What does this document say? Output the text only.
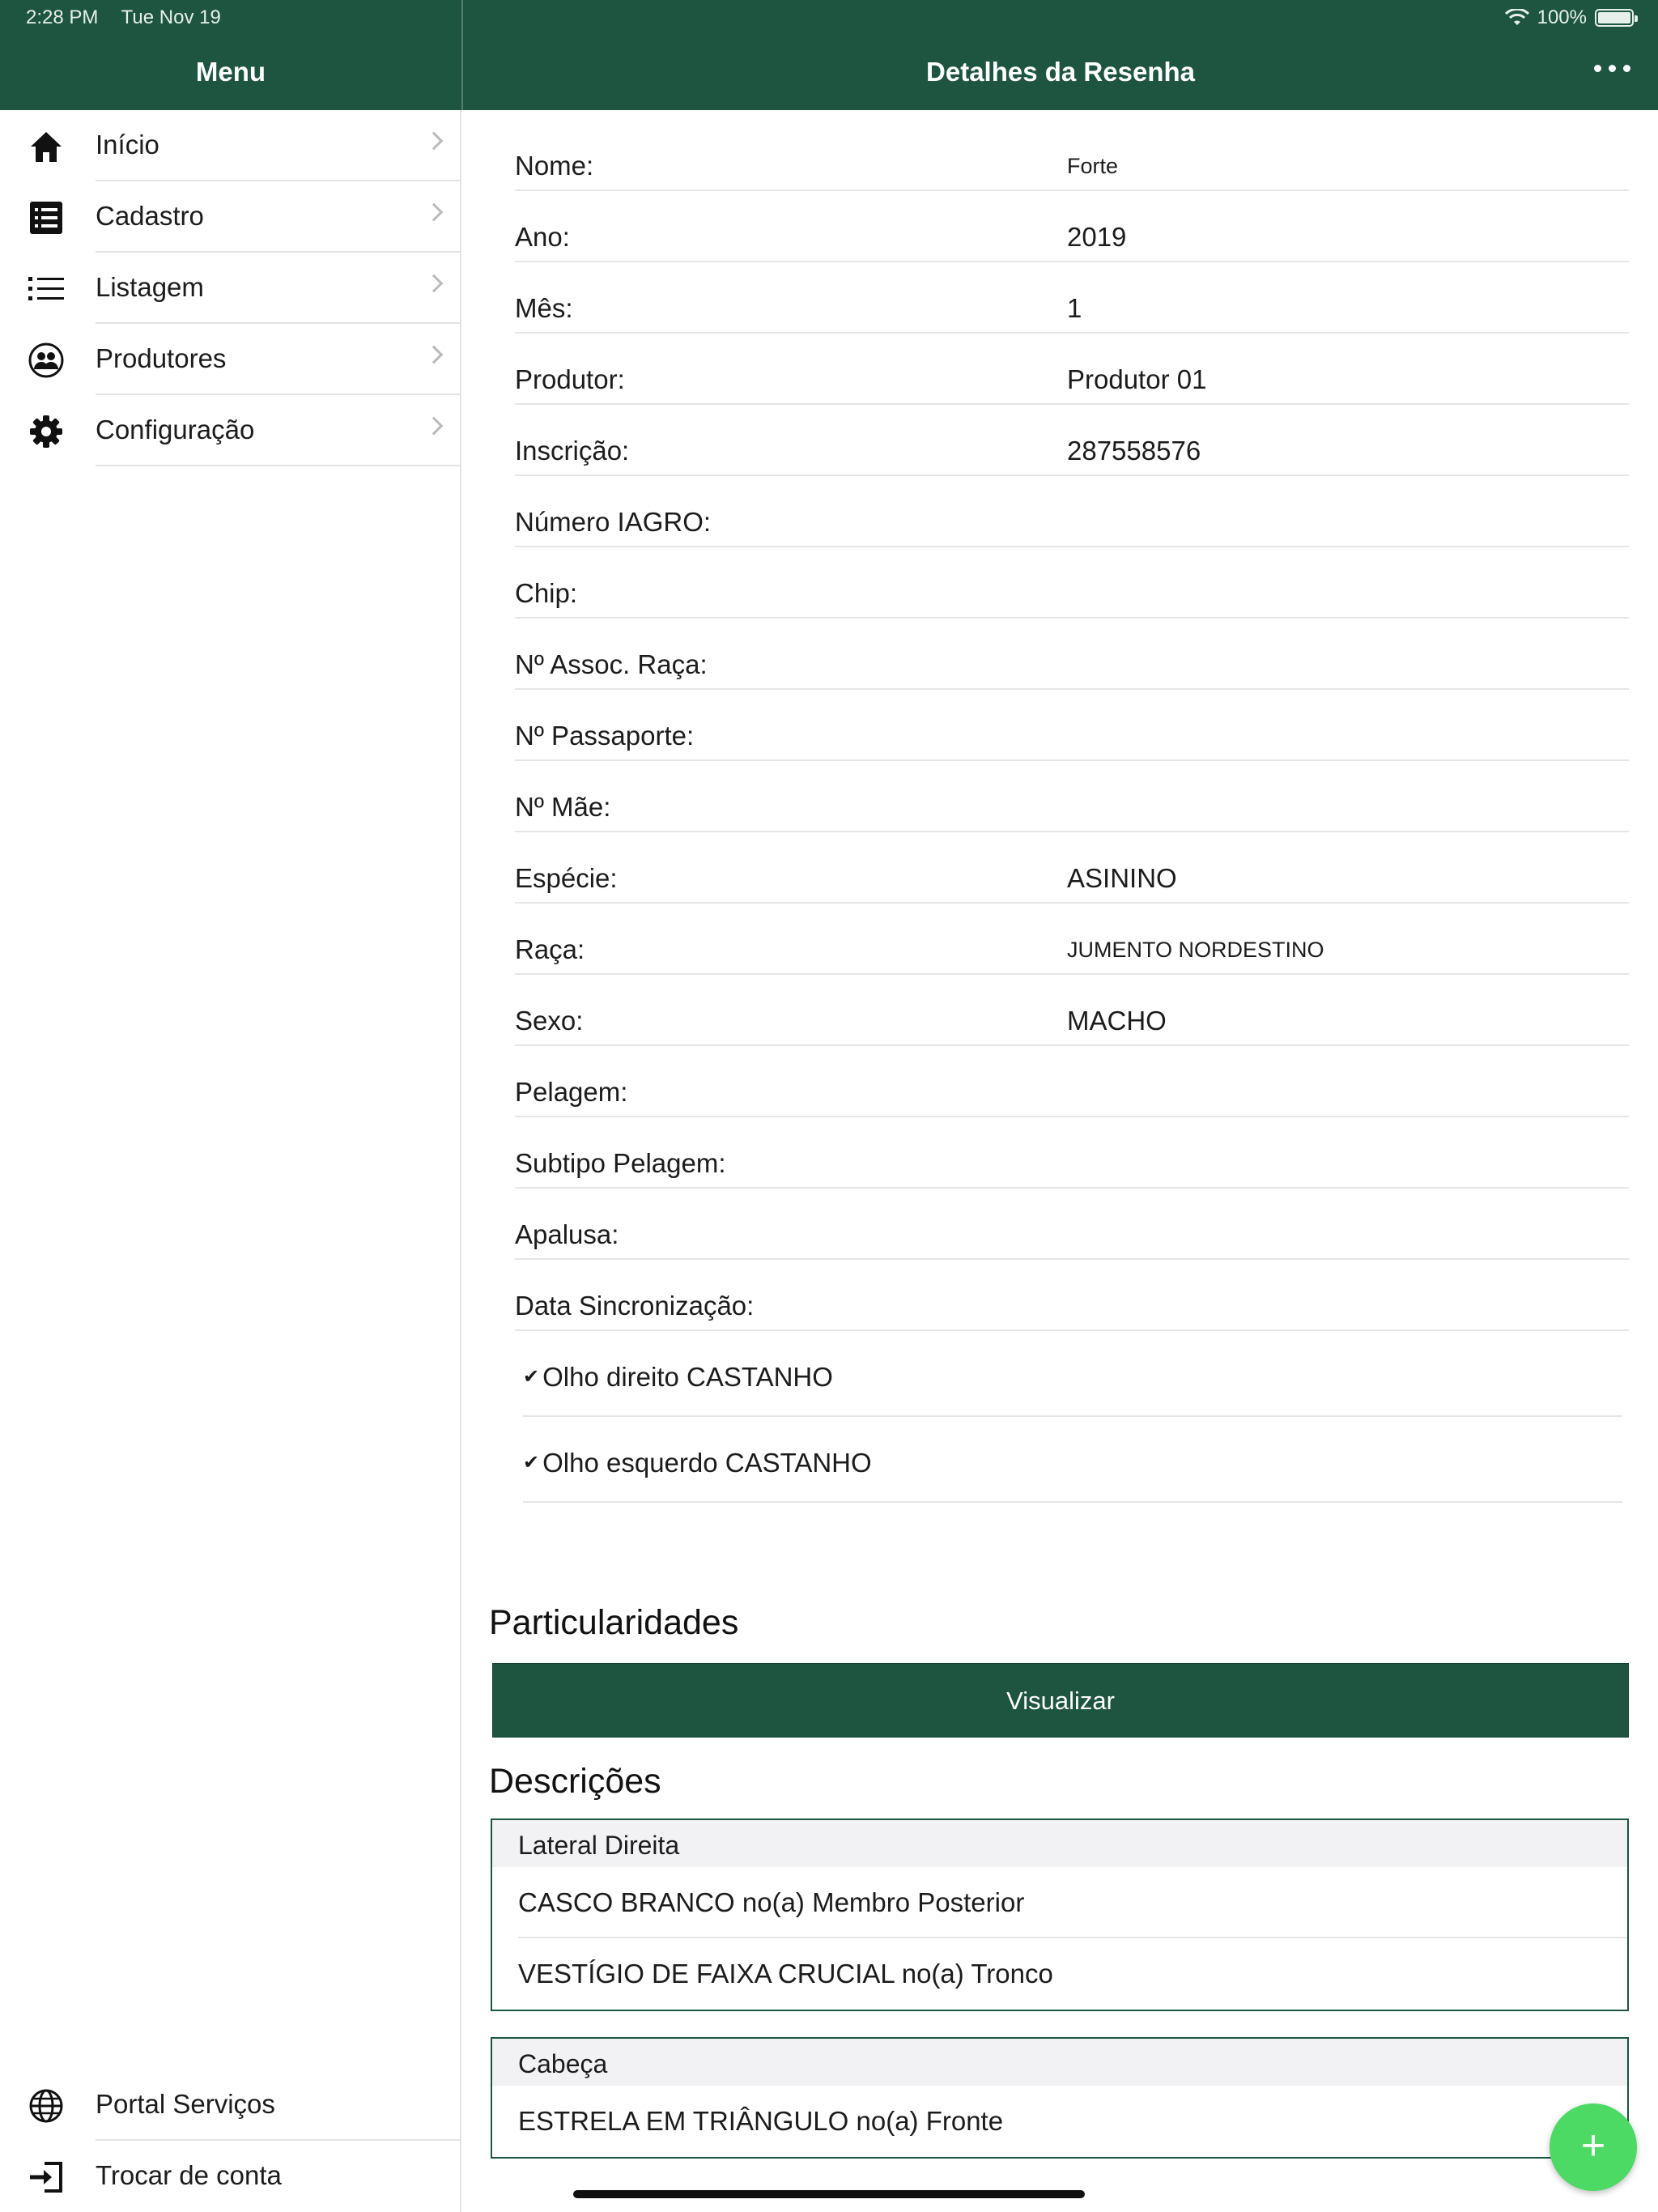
2:28 PM Tue Nov 19	100%
Menu	Detalhes da Resenha
Início
Cadastro
Listagem
Produtores
Configuração
Portal Serviços
Trocar de conta
Nome:	Forte
Ano:	2019
Mês:	1
Produtor:	Produtor 01
Inscrição:	287558576
Número IAGRO:
Chip:
Nº Assoc. Raça:
Nº Passaporte:
Nº Mãe:
Espécie:	ASININO
Raça:	JUMENTO NORDESTINO
Sexo:	MACHO
Pelagem:
Subtipo Pelagem:
Apalusa:
Data Sincronização:
✔ Olho direito CASTANHO
✔ Olho esquerdo CASTANHO
Particularidades
Visualizar
Descrições
Lateral Direita
CASCO BRANCO no(a) Membro Posterior
VESTÍGIO DE FAIXA CRUCIAL no(a) Tronco
Cabeça
ESTRELA EM TRIÂNGULO no(a) Fronte
+
